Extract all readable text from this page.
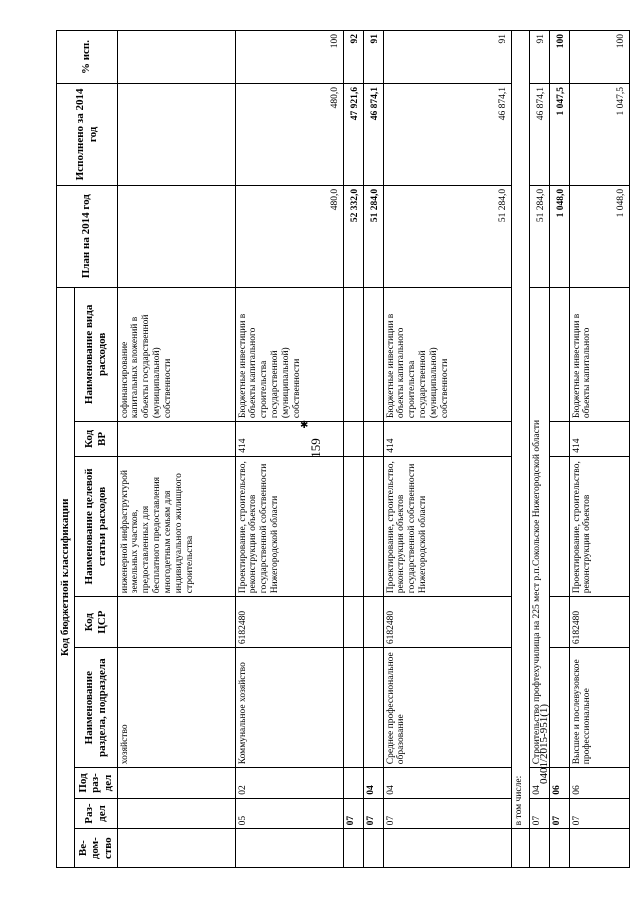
159
✱
0401/2015-951(1)
Код бюджетной классификации								План на 2014 год	Исполнено за 2014 год	% исп.
Ве-дом-ство	Раз-дел	Под раз-дел	Наименование раздела, подраздела	Код ЦСР	Наименование целевой статьи расходов	Код ВР	Наименование вида расходов			
			хозяйство		инженерной инфраструктурой земельных участков, предоставленных для бесплатного предоставления многодетным семьям для индивидуального жилищного строительства		софинансирование капитальных вложений в объекты государственной (муниципальной) собственности			
	05	02	Коммунальное хозяйство	6182480	Проектирование, строительство, реконструкция объектов государственной собственности Нижегородской области	414	Бюджетные инвестиции в объекты капитального строительства государственной (муниципальной) собственности	480,0	480,0	100
	07							52 332,0	47 921,6	92
	07	04						51 284,0	46 874,1	91
	07	04	Среднее профессиональное образование	6182480	Проектирование, строительство, реконструкция объектов государственной собственности Нижегородской области	414	Бюджетные инвестиции в объекты капитального строительства государственной (муниципальной) собственности	51 284,0	46 874,1	91
	в том числе:									
	07	04	Строительство профтехучилища на 225 мест р.п.Сокольское Нижегородской области					51 284,0	46 874,1	91
	07	06						1 048,0	1 047,5	100
	07	06	Высшее и послевузовское профессиональное	6182480	Проектирование, строительство, реконструкция объектов	414	Бюджетные инвестиции в объекты капитального	1 048,0	1 047,5	100
